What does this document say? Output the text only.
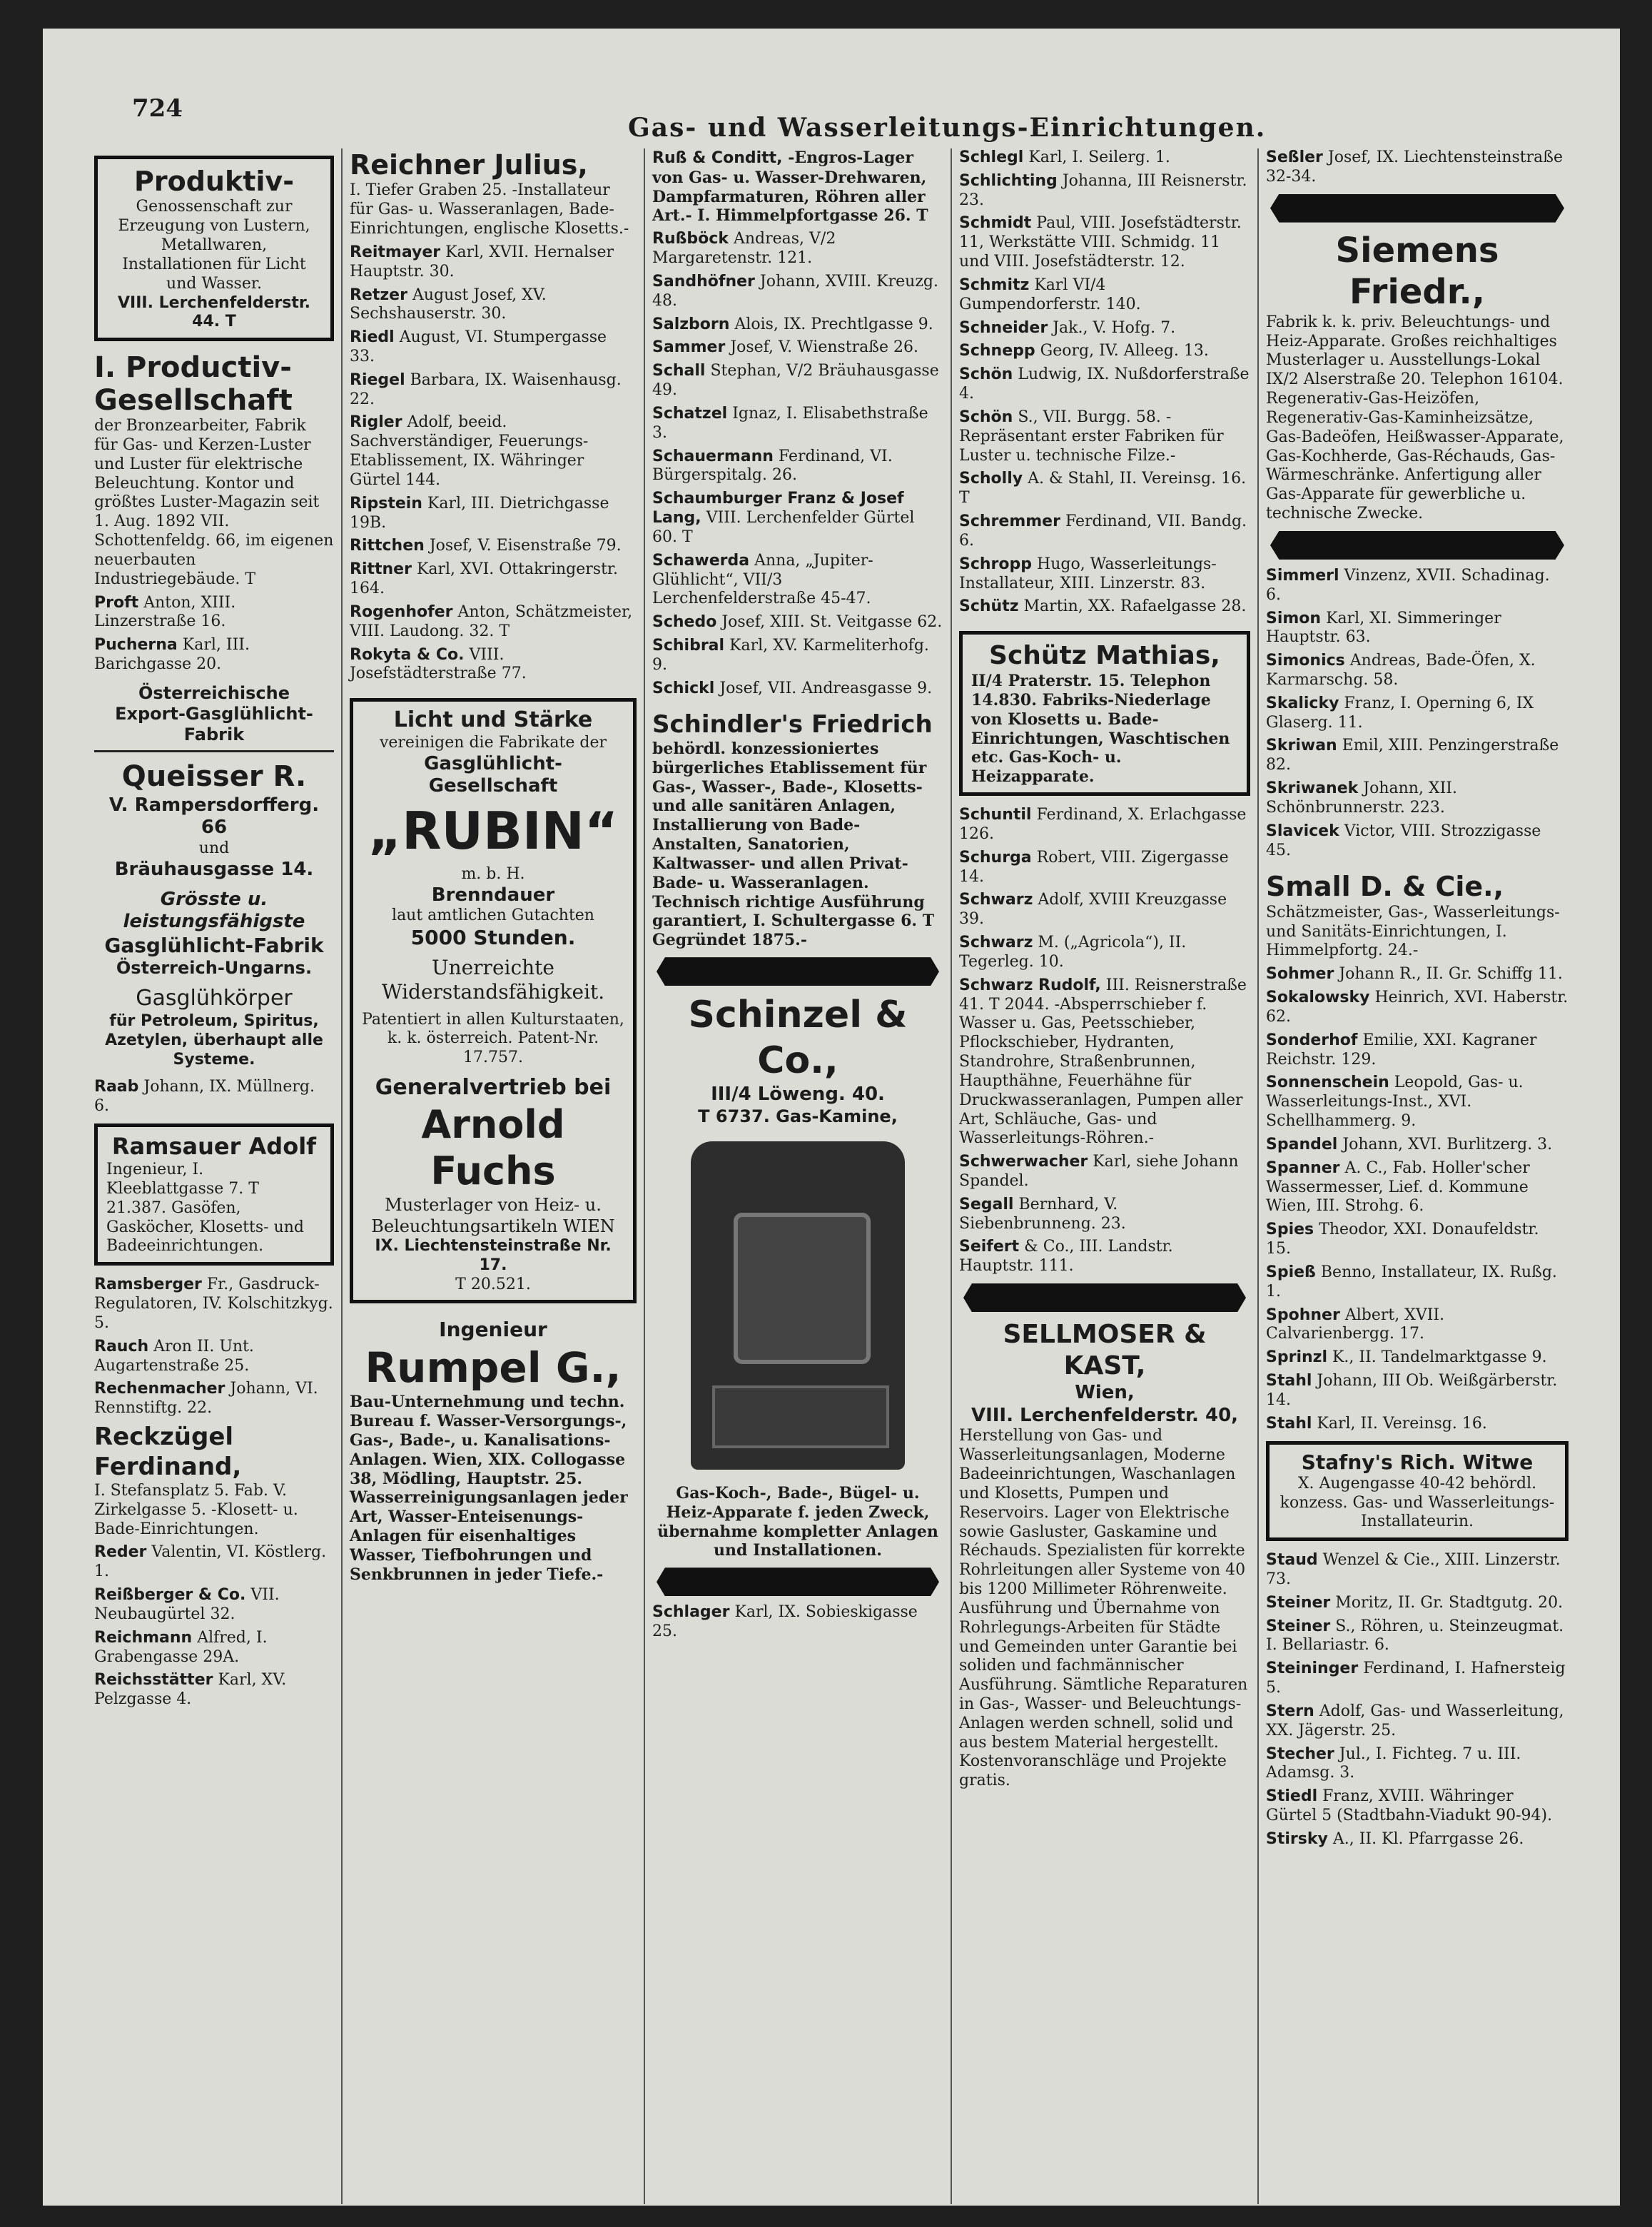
724
Gas- und Wasserleitungs-Einrichtungen.
Produktiv-
Genossenschaft zur Erzeugung von Lustern, Metallwaren, Installationen für Licht und Wasser.
VIII. Lerchenfelderstr. 44. T
I. Productiv-Gesellschaft
der Bronzearbeiter, Fabrik für Gas- und Kerzen-Luster und Luster für elektrische Beleuchtung. Kontor und größtes Luster-Magazin seit 1. Aug. 1892 VII. Schottenfeldg. 66, im eigenen neuerbauten Industriegebäude. T
Proft Anton, XIII. Linzerstraße 16.
Pucherna Karl, III. Barichgasse 20.
Österreichische
Export-Gasglühlicht-Fabrik
Queisser R.
V. Rampersdorfferg. 66
und
Bräuhausgasse 14.
Grösste u. leistungsfähigste
Gasglühlicht-Fabrik
Österreich-Ungarns.
Gasglühkörper
für Petroleum, Spiritus, Azetylen, überhaupt alle Systeme.
Raab Johann, IX. Müllnerg. 6.
Ramsauer Adolf
Ingenieur, I. Kleeblattgasse 7. T 21.387. Gasöfen, Gasköcher, Klosetts- und Badeeinrichtungen.
Ramsberger Fr., Gasdruck-Regulatoren, IV. Kolschitzkyg. 5.
Rauch Aron II. Unt. Augartenstraße 25.
Rechenmacher Johann, VI. Rennstiftg. 22.
Reckzügel Ferdinand,
I. Stefansplatz 5. Fab. V. Zirkelgasse 5. -Klosett- u. Bade-Einrichtungen.
Reder Valentin, VI. Köstlerg. 1.
Reißberger & Co. VII. Neubaugürtel 32.
Reichmann Alfred, I. Grabengasse 29A.
Reichsstätter Karl, XV. Pelzgasse 4.
Reichner Julius,
I. Tiefer Graben 25. -Installateur für Gas- u. Wasseranlagen, Bade-Einrichtungen, englische Klosetts.-
Reitmayer Karl, XVII. Hernalser Hauptstr. 30.
Retzer August Josef, XV. Sechshauserstr. 30.
Riedl August, VI. Stumpergasse 33.
Riegel Barbara, IX. Waisenhausg. 22.
Rigler Adolf, beeid. Sachverständiger, Feuerungs-Etablissement, IX. Währinger Gürtel 144.
Ripstein Karl, III. Dietrichgasse 19B.
Rittchen Josef, V. Eisenstraße 79.
Rittner Karl, XVI. Ottakringerstr. 164.
Rogenhofer Anton, Schätzmeister, VIII. Laudong. 32. T
Rokyta & Co. VIII. Josefstädterstraße 77.
Licht und Stärke
vereinigen die Fabrikate der
Gasglühlicht-Gesellschaft
„RUBIN“
m. b. H.
Brenndauer
laut amtlichen Gutachten
5000 Stunden.
Unerreichte Widerstandsfähigkeit.
Patentiert in allen Kulturstaaten, k. k. österreich. Patent-Nr. 17.757.
Generalvertrieb bei
Arnold Fuchs
Musterlager von Heiz- u. Beleuchtungsartikeln WIEN
IX. Liechtensteinstraße Nr. 17.
T 20.521.
Ingenieur
Rumpel G.,
Bau-Unternehmung und techn. Bureau f. Wasser-Versorgungs-, Gas-, Bade-, u. Kanalisations-Anlagen. Wien, XIX. Collogasse 38, Mödling, Hauptstr. 25. Wasserreinigungsanlagen jeder Art, Wasser-Enteisenungs-Anlagen für eisenhaltiges Wasser, Tiefbohrungen und Senkbrunnen in jeder Tiefe.-
Ruß & Conditt, -Engros-Lager von Gas- u. Wasser-Drehwaren, Dampfarmaturen, Röhren aller Art.- I. Himmelpfortgasse 26. T
Rußböck Andreas, V/2 Margaretenstr. 121.
Sandhöfner Johann, XVIII. Kreuzg. 48.
Salzborn Alois, IX. Prechtlgasse 9.
Sammer Josef, V. Wienstraße 26.
Schall Stephan, V/2 Bräuhausgasse 49.
Schatzel Ignaz, I. Elisabethstraße 3.
Schauermann Ferdinand, VI. Bürgerspitalg. 26.
Schaumburger Franz & Josef Lang, VIII. Lerchenfelder Gürtel 60. T
Schawerda Anna, „Jupiter-Glühlicht“, VII/3 Lerchenfelderstraße 45-47.
Schedo Josef, XIII. St. Veitgasse 62.
Schibral Karl, XV. Karmeliterhofg. 9.
Schickl Josef, VII. Andreasgasse 9.
Schindler's Friedrich
behördl. konzessioniertes bürgerliches Etablissement für Gas-, Wasser-, Bade-, Klosetts- und alle sanitären Anlagen, Installierung von Bade-Anstalten, Sanatorien, Kaltwasser- und allen Privat-Bade- u. Wasseranlagen. Technisch richtige Ausführung garantiert, I. Schultergasse 6. T Gegründet 1875.-
Schinzel & Co.,
III/4 Löweng. 40.
T 6737. Gas-Kamine,
Gas-Koch-, Bade-, Bügel- u. Heiz-Apparate f. jeden Zweck, übernahme kompletter Anlagen und Installationen.
Schlager Karl, IX. Sobieskigasse 25.
Schlegl Karl, I. Seilerg. 1.
Schlichting Johanna, III Reisnerstr. 23.
Schmidt Paul, VIII. Josefstädterstr. 11, Werkstätte VIII. Schmidg. 11 und VIII. Josefstädterstr. 12.
Schmitz Karl VI/4 Gumpendorferstr. 140.
Schneider Jak., V. Hofg. 7.
Schnepp Georg, IV. Alleeg. 13.
Schön Ludwig, IX. Nußdorferstraße 4.
Schön S., VII. Burgg. 58. -Repräsentant erster Fabriken für Luster u. technische Filze.-
Scholly A. & Stahl, II. Vereinsg. 16. T
Schremmer Ferdinand, VII. Bandg. 6.
Schropp Hugo, Wasserleitungs-Installateur, XIII. Linzerstr. 83.
Schütz Martin, XX. Rafaelgasse 28.
Schütz Mathias,
II/4 Praterstr. 15. Telephon 14.830. Fabriks-Niederlage von Klosetts u. Bade-Einrichtungen, Waschtischen etc. Gas-Koch- u. Heizapparate.
Schuntil Ferdinand, X. Erlachgasse 126.
Schurga Robert, VIII. Zigergasse 14.
Schwarz Adolf, XVIII Kreuzgasse 39.
Schwarz M. („Agricola“), II. Tegerleg. 10.
Schwarz Rudolf, III. Reisnerstraße 41. T 2044. -Absperrschieber f. Wasser u. Gas, Peetsschieber, Pflockschieber, Hydranten, Standrohre, Straßenbrunnen, Haupthähne, Feuerhähne für Druckwasseranlagen, Pumpen aller Art, Schläuche, Gas- und Wasserleitungs-Röhren.-
Schwerwacher Karl, siehe Johann Spandel.
Segall Bernhard, V. Siebenbrunneng. 23.
Seifert & Co., III. Landstr. Hauptstr. 111.
SELLMOSER & KAST,
Wien,
VIII. Lerchenfelderstr. 40,
Herstellung von Gas- und Wasserleitungsanlagen, Moderne Badeeinrichtungen, Waschanlagen und Klosetts, Pumpen und Reservoirs. Lager von Elektrische sowie Gasluster, Gaskamine und Réchauds. Spezialisten für korrekte Rohrleitungen aller Systeme von 40 bis 1200 Millimeter Röhrenweite. Ausführung und Übernahme von Rohrlegungs-Arbeiten für Städte und Gemeinden unter Garantie bei soliden und fachmännischer Ausführung. Sämtliche Reparaturen in Gas-, Wasser- und Beleuchtungs-Anlagen werden schnell, solid und aus bestem Material hergestellt. Kostenvoranschläge und Projekte gratis.
Seßler Josef, IX. Liechtensteinstraße 32-34.
Siemens Friedr.,
Fabrik k. k. priv. Beleuchtungs- und Heiz-Apparate. Großes reichhaltiges Musterlager u. Ausstellungs-Lokal IX/2 Alserstraße 20. Telephon 16104. Regenerativ-Gas-Heizöfen, Regenerativ-Gas-Kaminheizsätze, Gas-Badeöfen, Heißwasser-Apparate, Gas-Kochherde, Gas-Réchauds, Gas-Wärmeschränke. Anfertigung aller Gas-Apparate für gewerbliche u. technische Zwecke.
Simmerl Vinzenz, XVII. Schadinag. 6.
Simon Karl, XI. Simmeringer Hauptstr. 63.
Simonics Andreas, Bade-Öfen, X. Karmarschg. 58.
Skalicky Franz, I. Operning 6, IX Glaserg. 11.
Skriwan Emil, XIII. Penzingerstraße 82.
Skriwanek Johann, XII. Schönbrunnerstr. 223.
Slavicek Victor, VIII. Strozzigasse 45.
Small D. & Cie.,
Schätzmeister, Gas-, Wasserleitungs- und Sanitäts-Einrichtungen, I. Himmelpfortg. 24.-
Sohmer Johann R., II. Gr. Schiffg 11.
Sokalowsky Heinrich, XVI. Haberstr. 62.
Sonderhof Emilie, XXI. Kagraner Reichstr. 129.
Sonnenschein Leopold, Gas- u. Wasserleitungs-Inst., XVI. Schellhammerg. 9.
Spandel Johann, XVI. Burlitzerg. 3.
Spanner A. C., Fab. Holler'scher Wassermesser, Lief. d. Kommune Wien, III. Strohg. 6.
Spies Theodor, XXI. Donaufeldstr. 15.
Spieß Benno, Installateur, IX. Rußg. 1.
Spohner Albert, XVII. Calvarienbergg. 17.
Sprinzl K., II. Tandelmarktgasse 9.
Stahl Johann, III Ob. Weißgärberstr. 14.
Stahl Karl, II. Vereinsg. 16.
Stafny's Rich. Witwe
X. Augengasse 40-42 behördl. konzess. Gas- und Wasserleitungs-Installateurin.
Staud Wenzel & Cie., XIII. Linzerstr. 73.
Steiner Moritz, II. Gr. Stadtgutg. 20.
Steiner S., Röhren, u. Steinzeugmat. I. Bellariastr. 6.
Steininger Ferdinand, I. Hafnersteig 5.
Stern Adolf, Gas- und Wasserleitung, XX. Jägerstr. 25.
Stecher Jul., I. Fichteg. 7 u. III. Adamsg. 3.
Stiedl Franz, XVIII. Währinger Gürtel 5 (Stadtbahn-Viadukt 90-94).
Stirsky A., II. Kl. Pfarrgasse 26.
